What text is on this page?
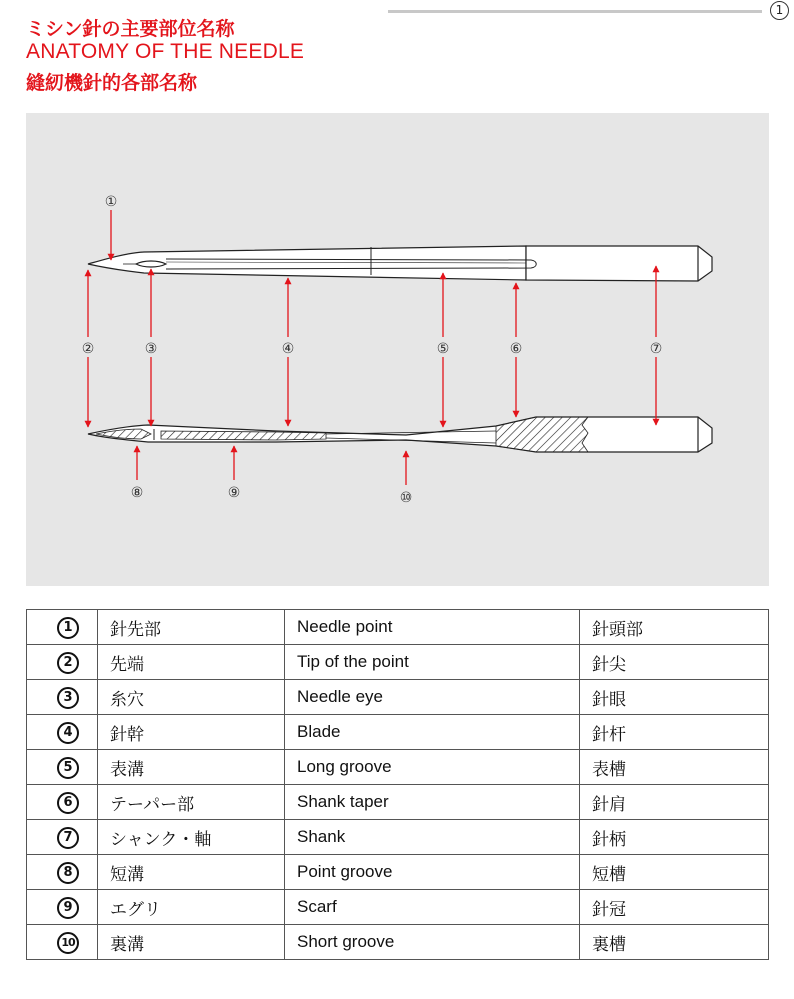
1
ミシン針の主要部位名称
ANATOMY OF THE NEEDLE
縫紉機針的各部名称
①
②	③	④	⑤	⑥	⑦
⑧	⑨	⑩
1	針先部	Needle point	針頭部
2	先端	Tip of the point	針尖
3	糸穴	Needle eye	針眼
4	針幹	Blade	針杆
5	表溝	Long groove	表槽
6	テーパー部	Shank taper	針肩
7	シャンク・軸	Shank	針柄
8	短溝	Point groove	短槽
9	エグリ	Scarf	針冠
10	裏溝	Short groove	裏槽
